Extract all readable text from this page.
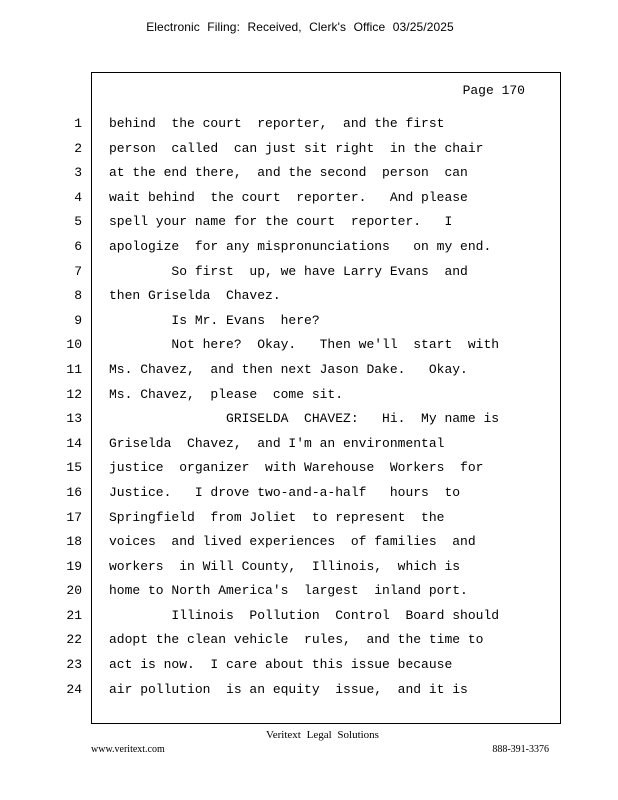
Electronic Filing: Received, Clerk's Office 03/25/2025
Page 170
1
2
3
4
5
6
7
8
9
10
11
12
13
14
15
16
17
18
19
20
21
22
23
24
behind  the court  reporter,  and the first
person  called  can just sit right  in the chair
at the end there,  and the second  person  can
wait behind  the court  reporter.   And please
spell your name for the court  reporter.   I
apologize  for any mispronunciations   on my end.
So first  up, we have Larry Evans  and
then Griselda  Chavez.
Is Mr. Evans  here?
Not here?  Okay.   Then we'll  start  with
Ms. Chavez,  and then next Jason Dake.   Okay.
Ms. Chavez,  please  come sit.
GRISELDA  CHAVEZ:   Hi.  My name is
Griselda  Chavez,  and I'm an environmental
justice  organizer  with Warehouse  Workers  for
Justice.   I drove two-and-a-half   hours  to
Springfield  from Joliet  to represent  the
voices  and lived experiences  of families  and
workers  in Will County,  Illinois,  which is
home to North America's  largest  inland port.
Illinois  Pollution  Control  Board should
adopt the clean vehicle  rules,  and the time to
act is now.  I care about this issue because
air pollution  is an equity  issue,  and it is
Veritext Legal Solutions
www.veritext.com	888-391-3376
